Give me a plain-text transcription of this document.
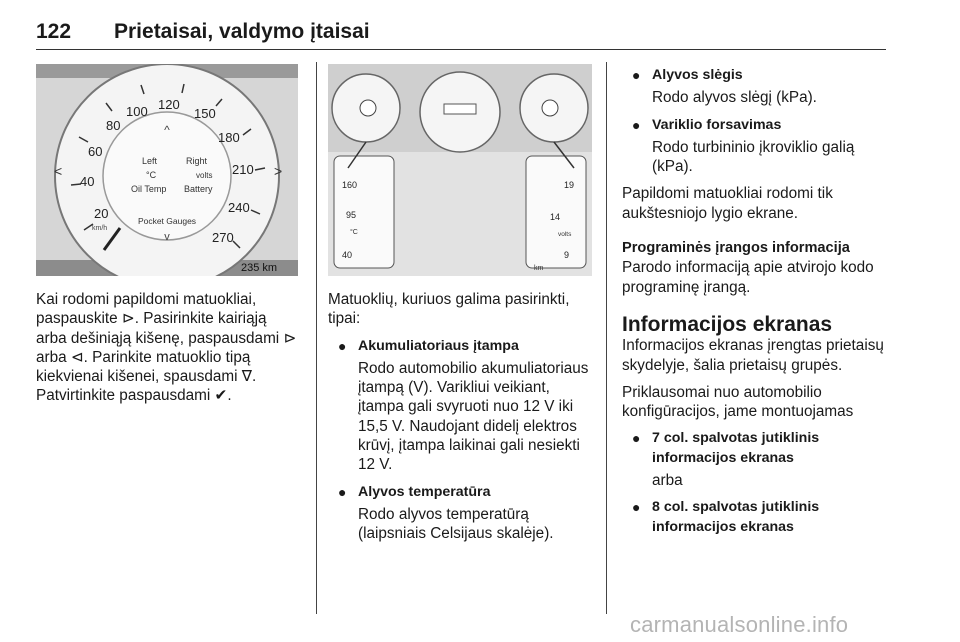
122 Prietaisai, valdymo įtaisai
20
40
60
80
100 120
150
180
210
240
270
^
Left	Right
°C	volts
Oil Temp Battery
Pocket Gauges
v
km/h
235 km
<	>
160
95
40
°C
19
14
9
volts
km

Kai rodomi papildomi matuokliai, paspauskite ⊳. Pasirinkite kairiąją arba dešiniąją kišenę, paspausdami ⊳ arba ⊲. Parinkite matuoklio tipą kiekvienai kišenei, spausdami ∇. Patvirtinkite paspausdami ✔.

Matuoklių, kuriuos galima pasirinkti, tipai:

● Akumuliatoriaus įtampa
Rodo automobilio akumuliatoriaus įtampą (V). Varikliui veikiant, įtampa gali svyruoti nuo 12 V iki 15,5 V. Naudojant didelį elektros krūvį, įtampa laikinai gali nesiekti 12 V.
● Alyvos temperatūra
Rodo alyvos temperatūrą (laipsniais Celsijaus skalėje).
● Alyvos slėgis
Rodo alyvos slėgį (kPa).
● Variklio forsavimas
Rodo turbininio įkroviklio galią (kPa).

Papildomi matuokliai rodomi tik aukštesniojo lygio ekrane.

Programinės įrangos informacija

Parodo informaciją apie atvirojo kodo programinę įrangą.

Informacijos ekranas

Informacijos ekranas įrengtas prietaisų skydelyje, šalia prietaisų grupės.

Priklausomai nuo automobilio konfigūracijos, jame montuojamas

● 7 col. spalvotas jutiklinis informacijos ekranas
arba
● 8 col. spalvotas jutiklinis informacijos ekranas
carmanualsonline.info
